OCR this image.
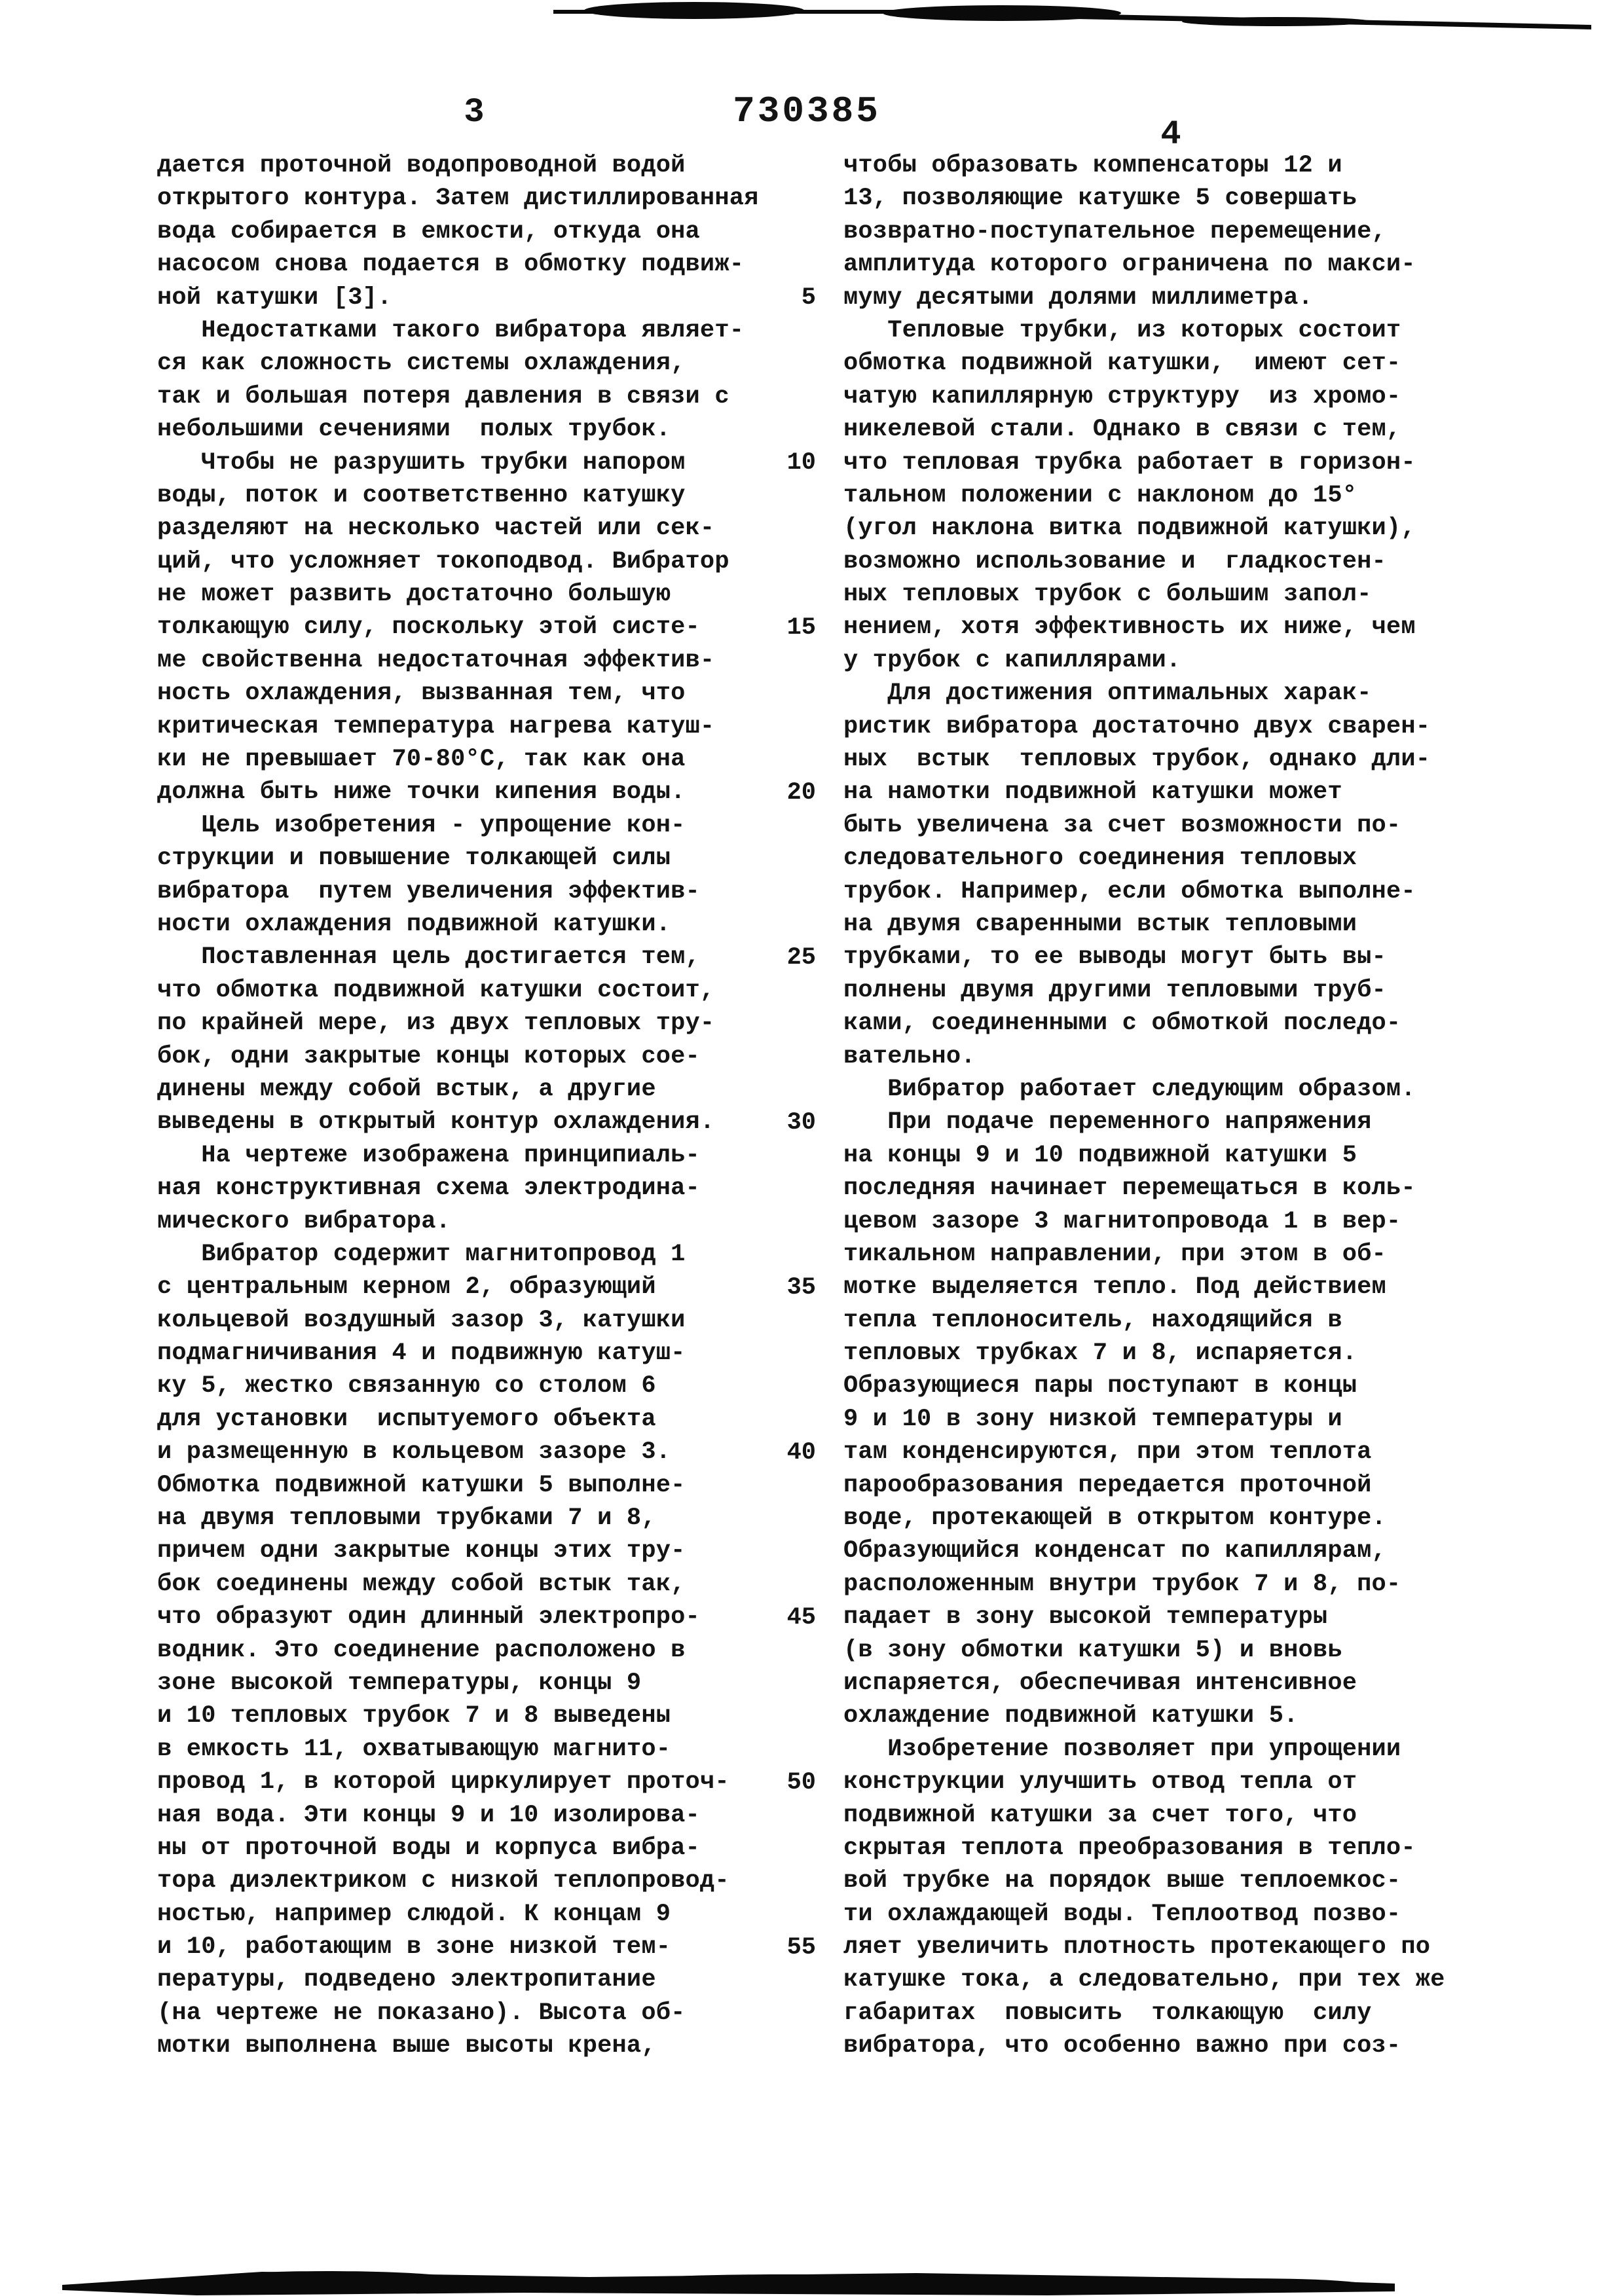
3	730385
4
дается проточной водопроводной водой
открытого контура. Затем дистиллированная
вода собирается в емкости, откуда она
насосом снова подается в обмотку подвиж-
ной катушки [3].
Недостатками такого вибратора являет-
ся как сложность системы охлаждения,
так и большая потеря давления в связи с
небольшими сечениями  полых трубок.
Чтобы не разрушить трубки напором
воды, поток и соответственно катушку
разделяют на несколько частей или сек-
ций, что усложняет токоподвод. Вибратор
не может развить достаточно большую
толкающую силу, поскольку этой систе-
ме свойственна недостаточная эффектив-
ность охлаждения, вызванная тем, что
критическая температура нагрева катуш-
ки не превышает 70-80°С, так как она
должна быть ниже точки кипения воды.
Цель изобретения - упрощение кон-
струкции и повышение толкающей силы
вибратора  путем увеличения эффектив-
ности охлаждения подвижной катушки.
Поставленная цель достигается тем,
что обмотка подвижной катушки состоит,
по крайней мере, из двух тепловых тру-
бок, одни закрытые концы которых сое-
динены между собой встык, а другие
выведены в открытый контур охлаждения.
На чертеже изображена принципиаль-
ная конструктивная схема электродина-
мического вибратора.
Вибратор содержит магнитопровод 1
с центральным керном 2, образующий
кольцевой воздушный зазор 3, катушки
подмагничивания 4 и подвижную катуш-
ку 5, жестко связанную со столом 6
для установки  испытуемого объекта
и размещенную в кольцевом зазоре 3.
Обмотка подвижной катушки 5 выполне-
на двумя тепловыми трубками 7 и 8,
причем одни закрытые концы этих тру-
бок соединены между собой встык так,
что образуют один длинный электропро-
водник. Это соединение расположено в
зоне высокой температуры, концы 9
и 10 тепловых трубок 7 и 8 выведены
в емкость 11, охватывающую магнито-
провод 1, в которой циркулирует проточ-
ная вода. Эти концы 9 и 10 изолирова-
ны от проточной воды и корпуса вибра-
тора диэлектриком с низкой теплопровод-
ностью, например слюдой. К концам 9
и 10, работающим в зоне низкой тем-
пературы, подведено электропитание
(на чертеже не показано). Высота об-
мотки выполнена выше высоты крена,
5
10
15
20
25
30
35
40
45
50
55
чтобы образовать компенсаторы 12 и
13, позволяющие катушке 5 совершать
возвратно-поступательное перемещение,
амплитуда которого ограничена по макси-
муму десятыми долями миллиметра.
Тепловые трубки, из которых состоит
обмотка подвижной катушки,  имеют сет-
чатую капиллярную структуру  из хромо-
никелевой стали. Однако в связи с тем,
что тепловая трубка работает в горизон-
тальном положении с наклоном до 15°
(угол наклона витка подвижной катушки),
возможно использование и  гладкостен-
ных тепловых трубок с большим запол-
нением, хотя эффективность их ниже, чем
у трубок с капиллярами.
Для достижения оптимальных харак-
ристик вибратора достаточно двух сварен-
ных  встык  тепловых трубок, однако дли-
на намотки подвижной катушки может
быть увеличена за счет возможности по-
следовательного соединения тепловых
трубок. Например, если обмотка выполне-
на двумя сваренными встык тепловыми
трубками, то ее выводы могут быть вы-
полнены двумя другими тепловыми труб-
ками, соединенными с обмоткой последо-
вательно.
Вибратор работает следующим образом.
При подаче переменного напряжения
на концы 9 и 10 подвижной катушки 5
последняя начинает перемещаться в коль-
цевом зазоре 3 магнитопровода 1 в вер-
тикальном направлении, при этом в об-
мотке выделяется тепло. Под действием
тепла теплоноситель, находящийся в
тепловых трубках 7 и 8, испаряется.
Образующиеся пары поступают в концы
9 и 10 в зону низкой температуры и
там конденсируются, при этом теплота
парообразования передается проточной
воде, протекающей в открытом контуре.
Образующийся конденсат по капиллярам,
расположенным внутри трубок 7 и 8, по-
падает в зону высокой температуры
(в зону обмотки катушки 5) и вновь
испаряется, обеспечивая интенсивное
охлаждение подвижной катушки 5.
Изобретение позволяет при упрощении
конструкции улучшить отвод тепла от
подвижной катушки за счет того, что
скрытая теплота преобразования в тепло-
вой трубке на порядок выше теплоемкос-
ти охлаждающей воды. Теплоотвод позво-
ляет увеличить плотность протекающего по
катушке тока, а следовательно, при тех же
габаритах  повысить  толкающую  силу
вибратора, что особенно важно при соз-
